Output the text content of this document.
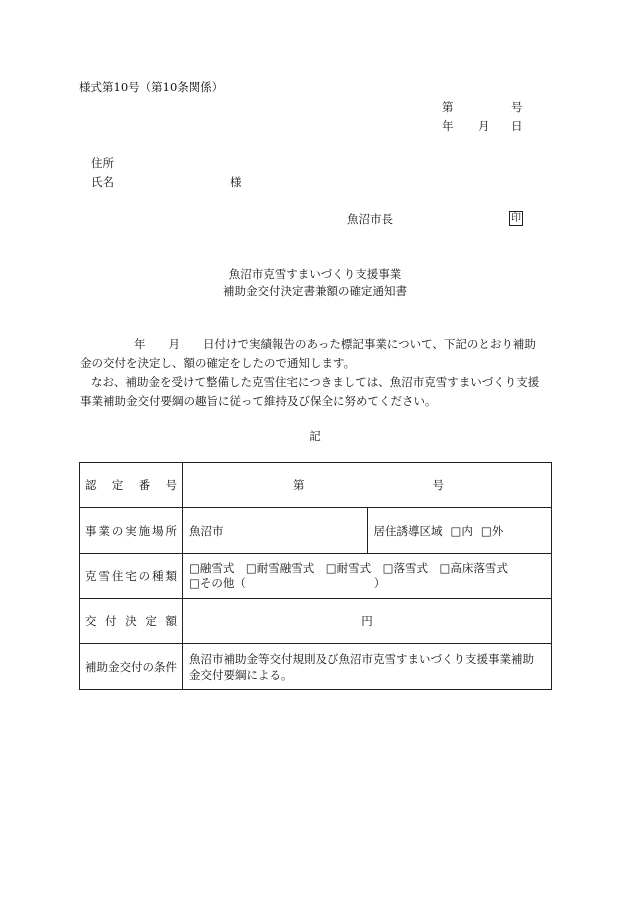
様式第10号（第10条関係）
第	号
年 月 日
住所
氏名	様
魚沼市長	印
魚沼市克雪すまいづくり支援事業
補助金交付決定書兼額の確定通知書

年　　月　　日付けで実績報告のあった標記事業について、下記のとおり補助
金の交付を決定し、額の確定をしたので通知します。

なお、補助金を受けて整備した克雪住宅につきましては、魚沼市克雪すまいづくり支援
事業補助金交付要綱の趣旨に従って維持及び保全に努めてください。

記
認定番号	第 号	
事業の実施場所	魚沼市	居住誘導区域 □内 □外
克雪住宅の種類	□融雪式　□耐雪融雪式　□耐雪式　□落雪式　□高床落雪式
□その他（ ）	
交付決定額	円	
補助金交付の条件	魚沼市補助金等交付規則及び魚沼市克雪すまいづくり支援事業補助
金交付要綱による。	
